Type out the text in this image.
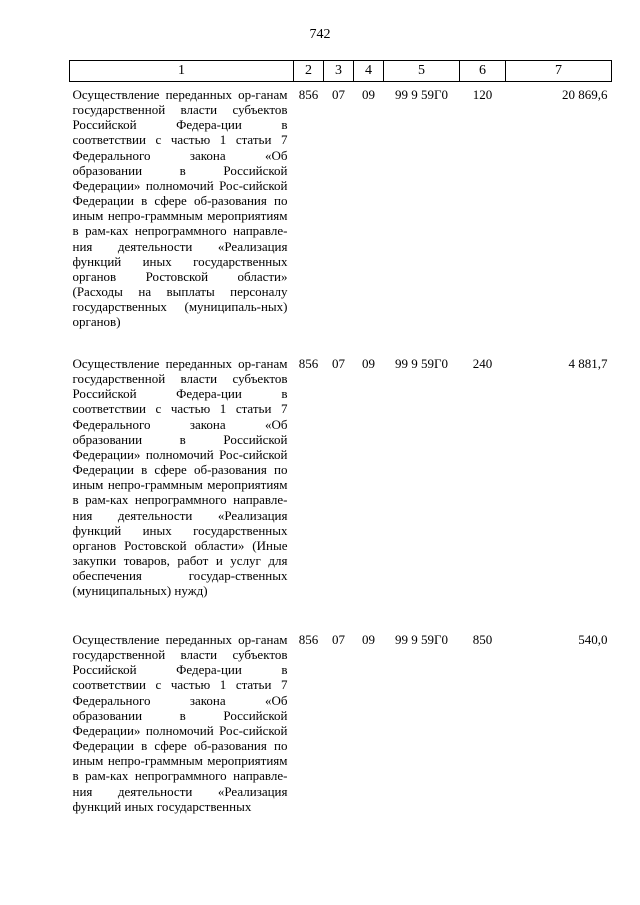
742
1	2	3	4	5	6	7
Осуществление переданных ор-ганам государственной власти субъектов Российской Федера-ции в соответствии с частью 1 статьи 7 Федерального закона «Об образовании в Российской Федерации» полномочий Рос-сийской Федерации в сфере об-разования по иным непро-граммным мероприятиям в рам-ках непрограммного направле-ния деятельности «Реализация функций иных государственных органов Ростовской области» (Расходы на выплаты персоналу государственных (муниципаль-ных) органов)	856	07	09	99 9 59Г0	120	20 869,6
Осуществление переданных ор-ганам государственной власти субъектов Российской Федера-ции в соответствии с частью 1 статьи 7 Федерального закона «Об образовании в Российской Федерации» полномочий Рос-сийской Федерации в сфере об-разования по иным непро-граммным мероприятиям в рам-ках непрограммного направле-ния деятельности «Реализация функций иных государственных органов Ростовской области» (Иные закупки товаров, работ и услуг для обеспечения государ-ственных (муниципальных) нужд)	856	07	09	99 9 59Г0	240	4 881,7
Осуществление переданных ор-ганам государственной власти субъектов Российской Федера-ции в соответствии с частью 1 статьи 7 Федерального закона «Об образовании в Российской Федерации» полномочий Рос-сийской Федерации в сфере об-разования по иным непро-граммным мероприятиям в рам-ках непрограммного направле-ния деятельности «Реализация функций иных государственных	856	07	09	99 9 59Г0	850	540,0
